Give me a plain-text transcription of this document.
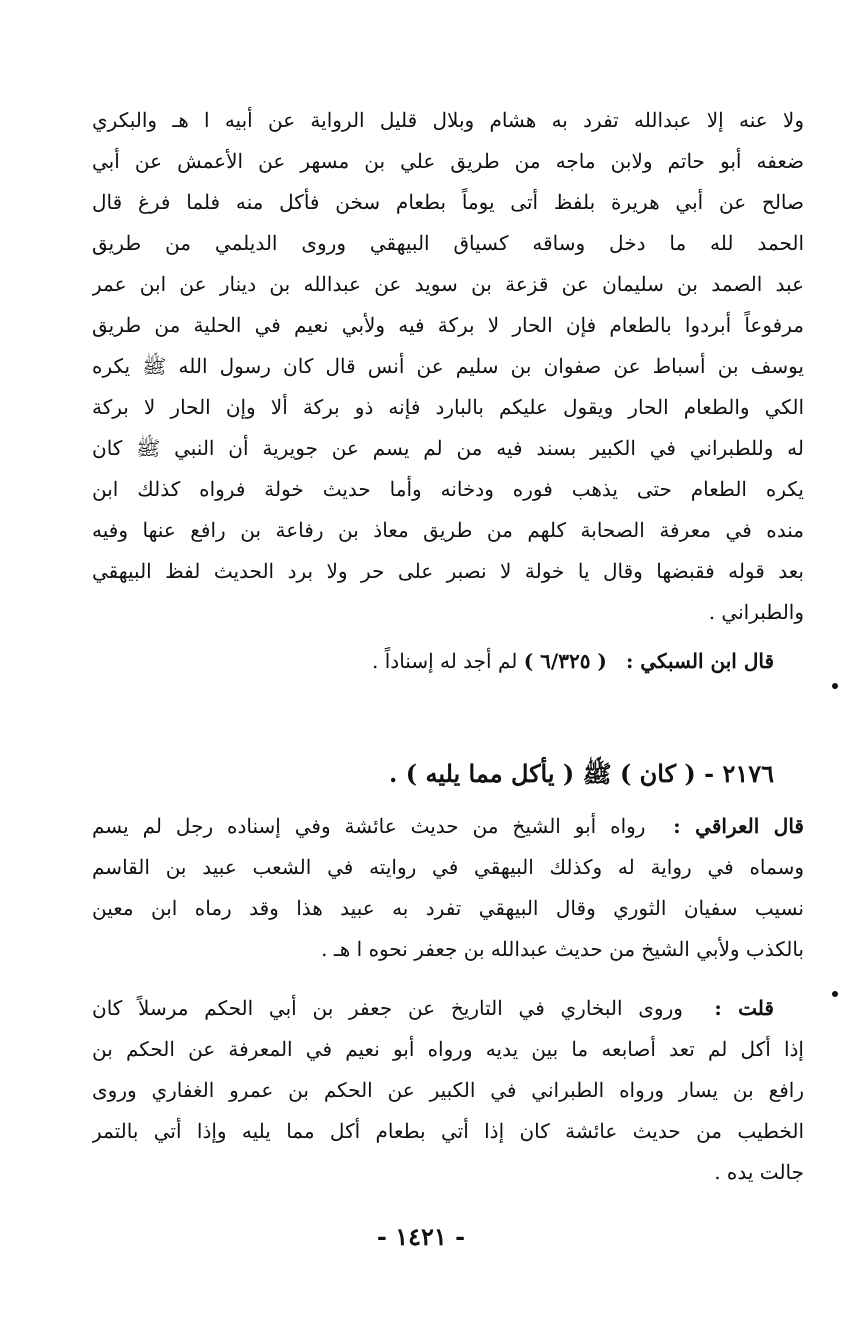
ولا عنه إلا عبدالله تفرد به هشام وبلال قليل الرواية عن أبيه ا هـ والبكري
ضعفه أبو حاتم ولابن ماجه من طريق علي بن مسهر عن الأعمش عن أبي
صالح عن أبي هريرة بلفظ أتى يوماً بطعام سخن فأكل منه فلما فرغ قال
الحمد لله ما دخل وساقه كسياق البيهقي وروى الديلمي من طريق
عبد الصمد بن سليمان عن قزعة بن سويد عن عبدالله بن دينار عن ابن عمر
مرفوعاً أبردوا بالطعام فإن الحار لا بركة فيه ولأبي نعيم في الحلية من طريق
يوسف بن أسباط عن صفوان بن سليم عن أنس قال كان رسول الله ﷺ يكره
الكي والطعام الحار ويقول عليكم بالبارد فإنه ذو بركة ألا وإن الحار لا بركة
له وللطبراني في الكبير بسند فيه من لم يسم عن جويرية أن النبي ﷺ كان
يكره الطعام حتى يذهب فوره ودخانه وأما حديث خولة فرواه كذلك ابن
منده في معرفة الصحابة كلهم من طريق معاذ بن رفاعة بن رافع عنها وفيه
بعد قوله فقبضها وقال يا خولة لا نصبر على حر ولا برد الحديث لفظ البيهقي
والطبراني .
قال ابن السبكي :   ( ٦/٣٢٥ ) لم أجد له إسناداً .
٢١٧٦ - ( كان ) ﷺ ( يأكل مما يليه ) .
قال العراقي :  رواه أبو الشيخ من حديث عائشة وفي إسناده رجل لم يسم
وسماه في رواية له وكذلك البيهقي في روايته في الشعب عبيد بن القاسم
نسيب سفيان الثوري وقال البيهقي تفرد به عبيد هذا وقد رماه ابن معين
بالكذب ولأبي الشيخ من حديث عبدالله بن جعفر نحوه ا هـ .
قلت :  وروى البخاري في التاريخ عن جعفر بن أبي الحكم مرسلاً كان
إذا أكل لم تعد أصابعه ما بين يديه ورواه أبو نعيم في المعرفة عن الحكم بن
رافع بن يسار ورواه الطبراني في الكبير عن الحكم بن عمرو الغفاري وروى
الخطيب من حديث عائشة كان إذا أتي بطعام أكل مما يليه وإذا أتي بالتمر
جالت يده .
- ١٤٢١ -
